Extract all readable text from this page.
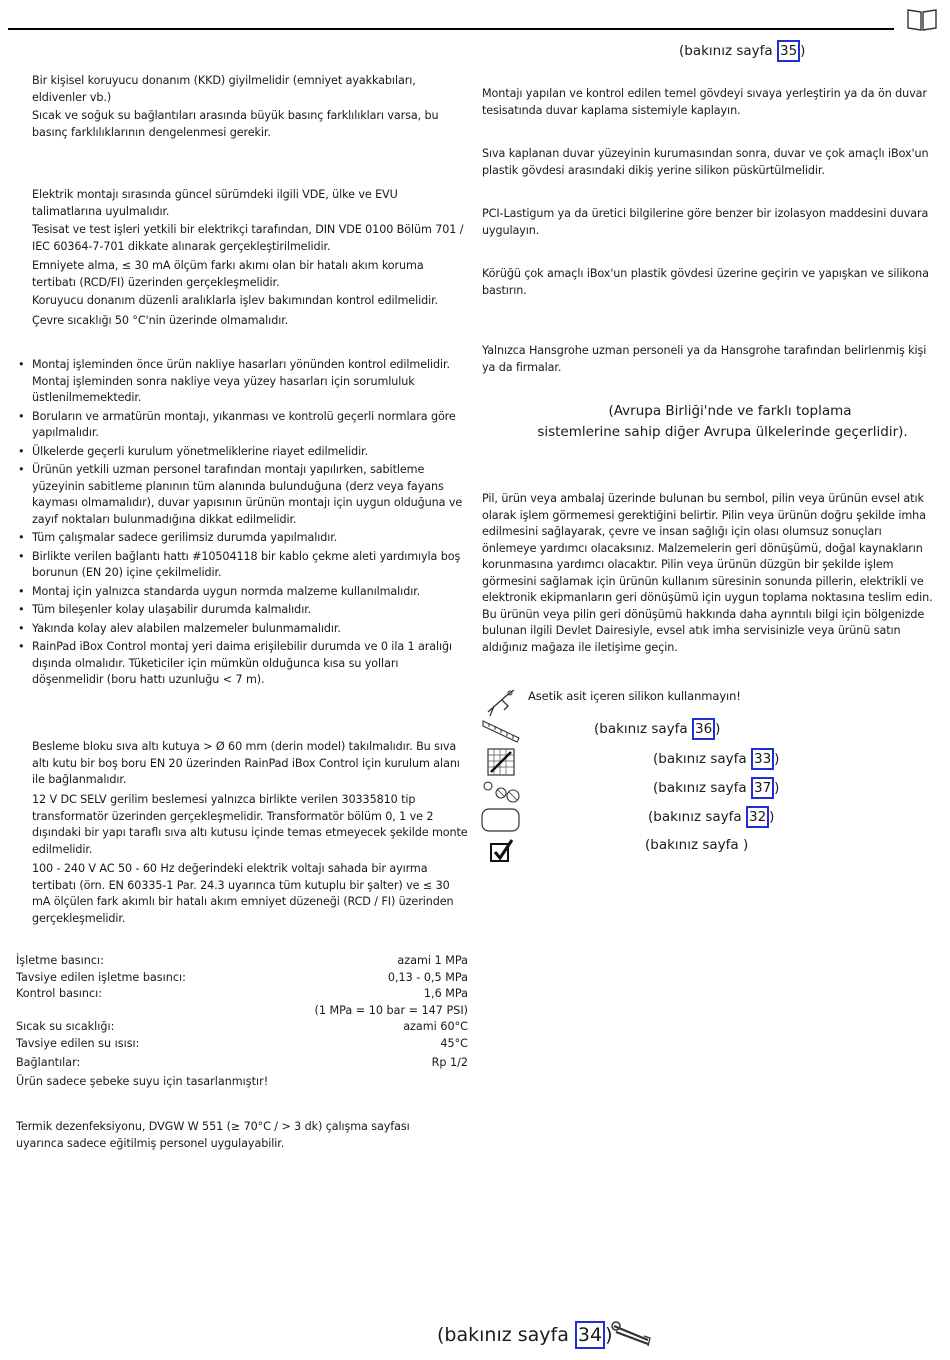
(bakınız sayfa 35 )

Bir kişisel koruyucu donanım (KKD) giyilmelidir (emniyet ayakkabıları, eldivenler vb.)

Sıcak ve soğuk su bağlantıları arasında büyük basınç farklılıkları varsa, bu basınç farklılıklarının dengelenmesi gerekir.

Elektrik montajı sırasında güncel sürümdeki ilgili VDE, ülke ve EVU talimatlarına uyulmalıdır.

Tesisat ve test işleri yetkili bir elektrikçi tarafından, DIN VDE 0100 Bölüm 701 / IEC 60364-7-701 dikkate alınarak gerçekleştirilmelidir.

Emniyete alma, ≤ 30 mA ölçüm farkı akımı olan bir hatalı akım koruma tertibatı (RCD/FI) üzerinden gerçekleşmelidir.

Koruyucu donanım düzenli aralıklarla işlev bakımından kontrol edilmelidir.

Çevre sıcaklığı 50 °C'nin üzerinde olmamalıdır.

• Montaj işleminden önce ürün nakliye hasarları yönünden kontrol edilmelidir. Montaj işleminden sonra nakliye veya yüzey hasarları için sorumluluk üstlenilmemektedir.
• Boruların ve armatürün montajı, yıkanması ve kontrolü geçerli normlara göre yapılmalıdır.
• Ülkelerde geçerli kurulum yönetmeliklerine riayet edilmelidir.
• Ürünün yetkili uzman personel tarafından montajı yapılırken, sabitleme yüzeyinin sabitleme planının tüm alanında bulunduğuna (derz veya fayans kayması olmamalıdır), duvar yapısının ürünün montajı için uygun olduğuna ve zayıf noktaları bulunmadığına dikkat edilmelidir.
• Tüm çalışmalar sadece gerilimsiz durumda yapılmalıdır.
• Birlikte verilen bağlantı hattı #10504118 bir kablo çekme aleti yardımıyla boş borunun (EN 20) içine çekilmelidir.
• Montaj için yalnızca standarda uygun normda malzeme kullanılmalıdır.
• Tüm bileşenler kolay ulaşabilir durumda kalmalıdır.
• Yakında kolay alev alabilen malzemeler bulunmamalıdır.
• RainPad iBox Control montaj yeri daima erişilebilir durumda ve 0 ila 1 aralığı dışında olmalıdır. Tüketiciler için mümkün olduğunca kısa su yolları döşenmelidir (boru hattı uzunluğu < 7 m).

Besleme bloku sıva altı kutuya > Ø 60 mm (derin model) takılmalıdır. Bu sıva altı kutu bir boş boru EN 20 üzerinden RainPad iBox Control için kurulum alanı ile bağlanmalıdır.

12 V DC SELV gerilim beslemesi yalnızca birlikte verilen 30335810 tip transformatör üzerinden gerçekleşmelidir. Transformatör bölüm 0, 1 ve 2 dışındaki bir yapı taraflı sıva altı kutusu içinde temas etmeyecek şekilde monte edilmelidir.

100 - 240 V AC 50 - 60 Hz değerindeki elektrik voltajı sahada bir ayırma tertibatı (örn. EN 60335-1 Par. 24.3 uyarınca tüm kutuplu bir şalter) ve ≤ 30 mA ölçülen fark akımlı bir hatalı akım emniyet düzeneği (RCD / FI) üzerinden gerçekleşmelidir.

İşletme basıncı:	azami 1 MPa
Tavsiye edilen işletme basıncı:	0,13 - 0,5 MPa
Kontrol basıncı:	1,6 MPa
(1 MPa = 10 bar = 147 PSI)
Sıcak su sıcaklığı:	azami 60°C
Tavsiye edilen su ısısı:	45°C
Bağlantılar:	Rp 1/2
Ürün sadece şebeke suyu için tasarlanmıştır!

Termik dezenfeksiyonu, DVGW W 551 (≥ 70°C / > 3 dk) çalışma sayfası uyarınca sadece eğitilmiş personel uygulayabilir.

Montajı yapılan ve kontrol edilen temel gövdeyi sıvaya yerleştirin ya da ön duvar tesisatında duvar kaplama sistemiyle kaplayın.

Sıva kaplanan duvar yüzeyinin kurumasından sonra, duvar ve çok amaçlı iBox'un plastik gövdesi arasındaki dikiş yerine silikon püskürtülmelidir.

PCI-Lastigum ya da üretici bilgilerine göre benzer bir izolasyon maddesini duvara uygulayın.

Körüğü çok amaçlı iBox'un plastik gövdesi üzerine geçirin ve yapışkan ve silikona bastırın.

Yalnızca Hansgrohe uzman personeli ya da Hansgrohe tarafından belirlenmiş kişi ya da firmalar.

(Avrupa Birliği'nde ve farklı toplama
sistemlerine sahip diğer Avrupa ülkelerinde geçerlidir).

Pil, ürün veya ambalaj üzerinde bulunan bu sembol, pilin veya ürünün evsel atık olarak işlem görmemesi gerektiğini belirtir. Pilin veya ürünün doğru şekilde imha edilmesini sağlayarak, çevre ve insan sağlığı için olası olumsuz sonuçları önlemeye yardımcı olacaksınız. Malzemelerin geri dönüşümü, doğal kaynakların korunmasına yardımcı olacaktır. Pilin veya ürünün düzgün bir şekilde işlem görmesini sağlamak için ürünün kullanım süresinin sonunda pillerin, elektrikli ve elektronik ekipmanların geri dönüşümü için uygun toplama noktasına teslim edin. Bu ürünün veya pilin geri dönüşümü hakkında daha ayrıntılı bilgi için bölgenizde bulunan ilgili Devlet Dairesiyle, evsel atık imha servisinizle veya ürünü satın aldığınız mağaza ile iletişime geçin.

Asetik asit içeren silikon kullanmayın!
(bakınız sayfa 36 )
(bakınız sayfa 33 )
(bakınız sayfa 37 )
(bakınız sayfa 32 )
(bakınız sayfa )
(bakınız sayfa 34 )
